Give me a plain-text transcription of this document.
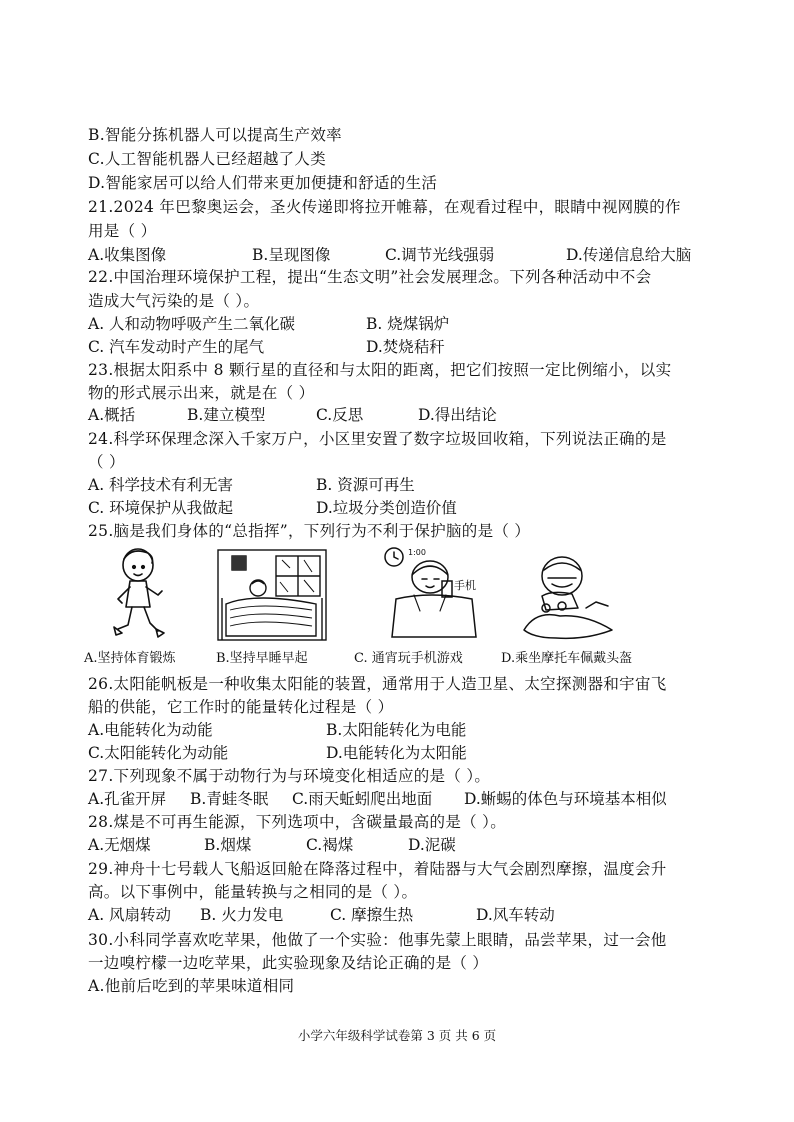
B.智能分拣机器人可以提高生产效率
C.人工智能机器人已经超越了人类
D.智能家居可以给人们带来更加便捷和舒适的生活
21.2024 年巴黎奥运会，圣火传递即将拉开帷幕，在观看过程中，眼睛中视网膜的作
用是（ ）
A.收集图像	B.呈现图像	C.调节光线强弱	D.传递信息给大脑
22.中国治理环境保护工程，提出“生态文明”社会发展理念。下列各种活动中不会
造成大气污染的是（ ）。
A. 人和动物呼吸产生二氧化碳	B. 烧煤锅炉
C. 汽车发动时产生的尾气	D.焚烧秸秆
23.根据太阳系中 8 颗行星的直径和与太阳的距离，把它们按照一定比例缩小，以实
物的形式展示出来，就是在（ ）
A.概括	B.建立模型	C.反思	D.得出结论
24.科学环保理念深入千家万户，小区里安置了数字垃圾回收箱，下列说法正确的是
（ ）
A. 科学技术有利无害	B. 资源可再生
C. 环境保护从我做起	D.垃圾分类创造价值
25.脑是我们身体的“总指挥”，下列行为不利于保护脑的是（ ）
1:00
手机
A.坚持体育锻炼	B.坚持早睡早起	C. 通宵玩手机游戏	D.乘坐摩托车佩戴头盔
26.太阳能帆板是一种收集太阳能的装置，通常用于人造卫星、太空探测器和宇宙飞
船的供能，它工作时的能量转化过程是（ ）
A.电能转化为动能	B.太阳能转化为电能
C.太阳能转化为动能	D.电能转化为太阳能
27.下列现象不属于动物行为与环境变化相适应的是（ ）。
A.孔雀开屏 B.青蛙冬眠 C.雨天蚯蚓爬出地面 D.蜥蜴的体色与环境基本相似
28.煤是不可再生能源，下列选项中，含碳量最高的是（ ）。
A.无烟煤	B.烟煤	C.褐煤	D.泥碳
29.神舟十七号载人飞船返回舱在降落过程中，着陆器与大气会剧烈摩擦，温度会升
高。以下事例中，能量转换与之相同的是（ ）。
A. 风扇转动 B. 火力发电	C. 摩擦生热	D.风车转动
30.小科同学喜欢吃苹果，他做了一个实验：他事先蒙上眼睛，品尝苹果，过一会他
一边嗅柠檬一边吃苹果，此实验现象及结论正确的是（ ）
A.他前后吃到的苹果味道相同
小学六年级科学试卷第 3 页 共 6 页
